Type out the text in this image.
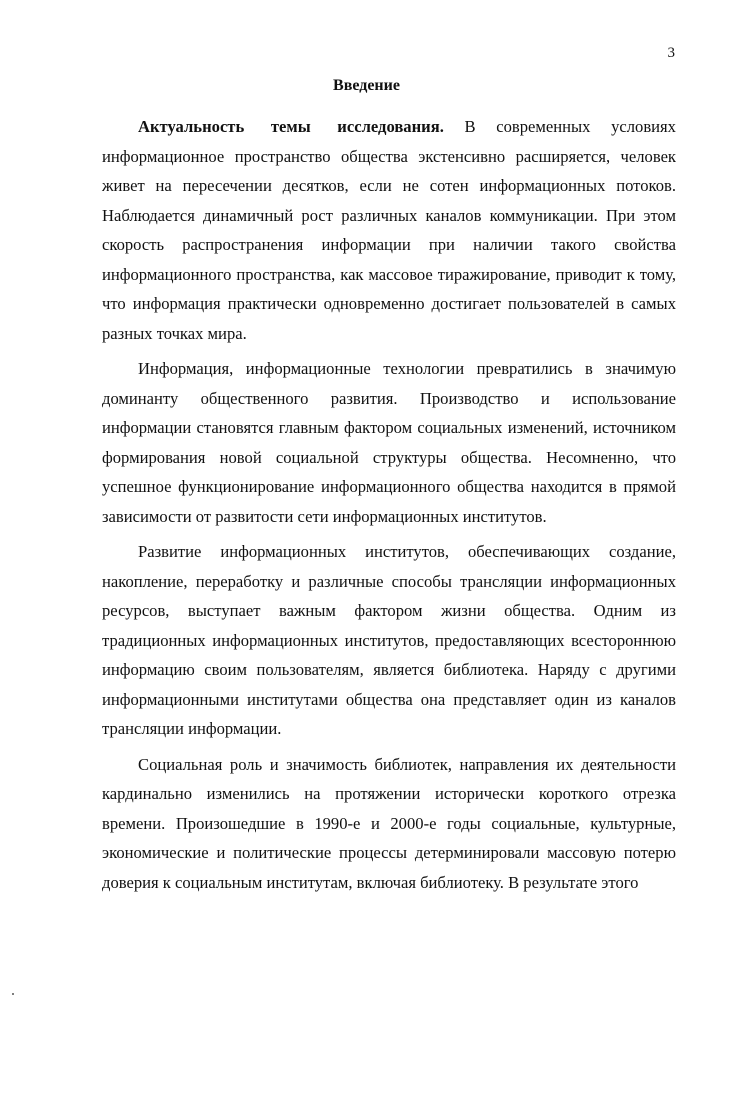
3
Введение

Актуальность темы исследования. В современных условиях информационное пространство общества экстенсивно расширяется, человек живет на пересечении десятков, если не сотен информационных потоков. Наблюдается динамичный рост различных каналов коммуникации. При этом скорость распространения информации при наличии такого свойства информационного пространства, как массовое тиражирование, приводит к тому, что информация практически одновременно достигает пользователей в самых разных точках мира.

Информация, информационные технологии превратились в значимую доминанту общественного развития. Производство и использование информации становятся главным фактором социальных изменений, источником формирования новой социальной структуры общества. Несомненно, что успешное функционирование информационного общества находится в прямой зависимости от развитости сети информационных институтов.

Развитие информационных институтов, обеспечивающих создание, накопление, переработку и различные способы трансляции информационных ресурсов, выступает важным фактором жизни общества. Одним из традиционных информационных институтов, предоставляющих всестороннюю информацию своим пользователям, является библиотека. Наряду с другими информационными институтами общества она представляет один из каналов трансляции информации.

Социальная роль и значимость библиотек, направления их деятельности кардинально изменились на протяжении исторически короткого отрезка времени. Произошедшие в 1990-е и 2000-е годы социальные, культурные, экономические и политические процессы детерминировали массовую потерю доверия к социальным институтам, включая библиотеку. В результате этого
